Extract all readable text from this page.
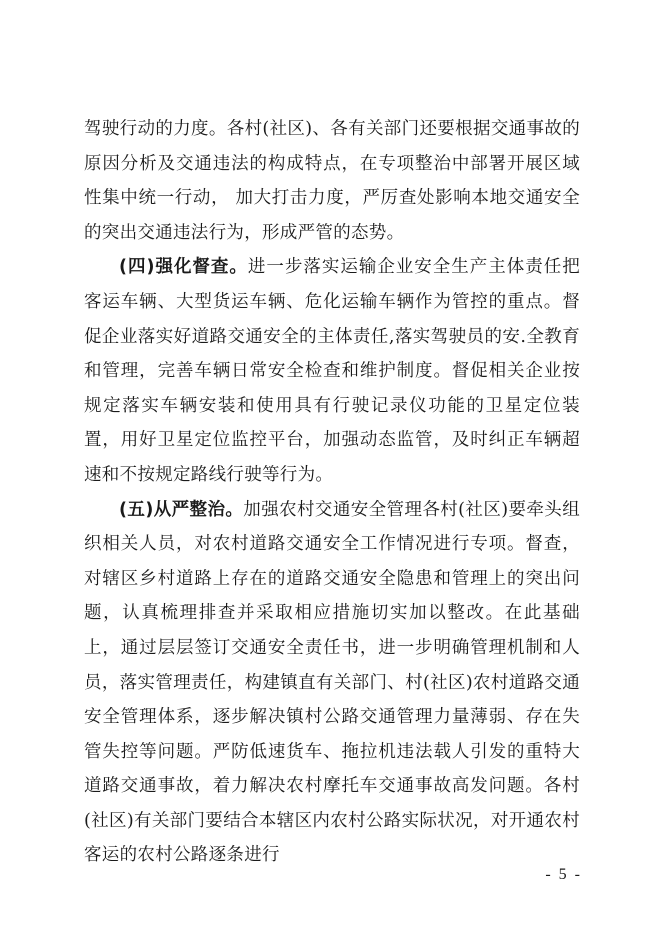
驾驶行动的力度。各村(社区)、各有关部门还要根据交通事故的原因分析及交通违法的构成特点，在专项整治中部署开展区域性集中统一行动， 加大打击力度，严厉查处影响本地交通安全的突出交通违法行为，形成严管的态势。

(四)强化督查。进一步落实运输企业安全生产主体责任把客运车辆、大型货运车辆、危化运输车辆作为管控的重点。督促企业落实好道路交通安全的主体责任,落实驾驶员的安.全教育和管理，完善车辆日常安全检查和维护制度。督促相关企业按规定落实车辆安装和使用具有行驶记录仪功能的卫星定位装置，用好卫星定位监控平台，加强动态监管，及时纠正车辆超速和不按规定路线行驶等行为。

(五)从严整治。加强农村交通安全管理各村(社区)要牵头组织相关人员，对农村道路交通安全工作情况进行专项。督查，对辖区乡村道路上存在的道路交通安全隐患和管理上的突出问题，认真梳理排查并采取相应措施切实加以整改。在此基础上，通过层层签订交通安全责任书，进一步明确管理机制和人员，落实管理责任，构建镇直有关部门、村(社区)农村道路交通安全管理体系，逐步解决镇村公路交通管理力量薄弱、存在失管失控等问题。严防低速货车、拖拉机违法载人引发的重特大道路交通事故，着力解决农村摩托车交通事故高发问题。各村(社区)有关部门要结合本辖区内农村公路实际状况，对开通农村客运的农村公路逐条进行

- 5 -
